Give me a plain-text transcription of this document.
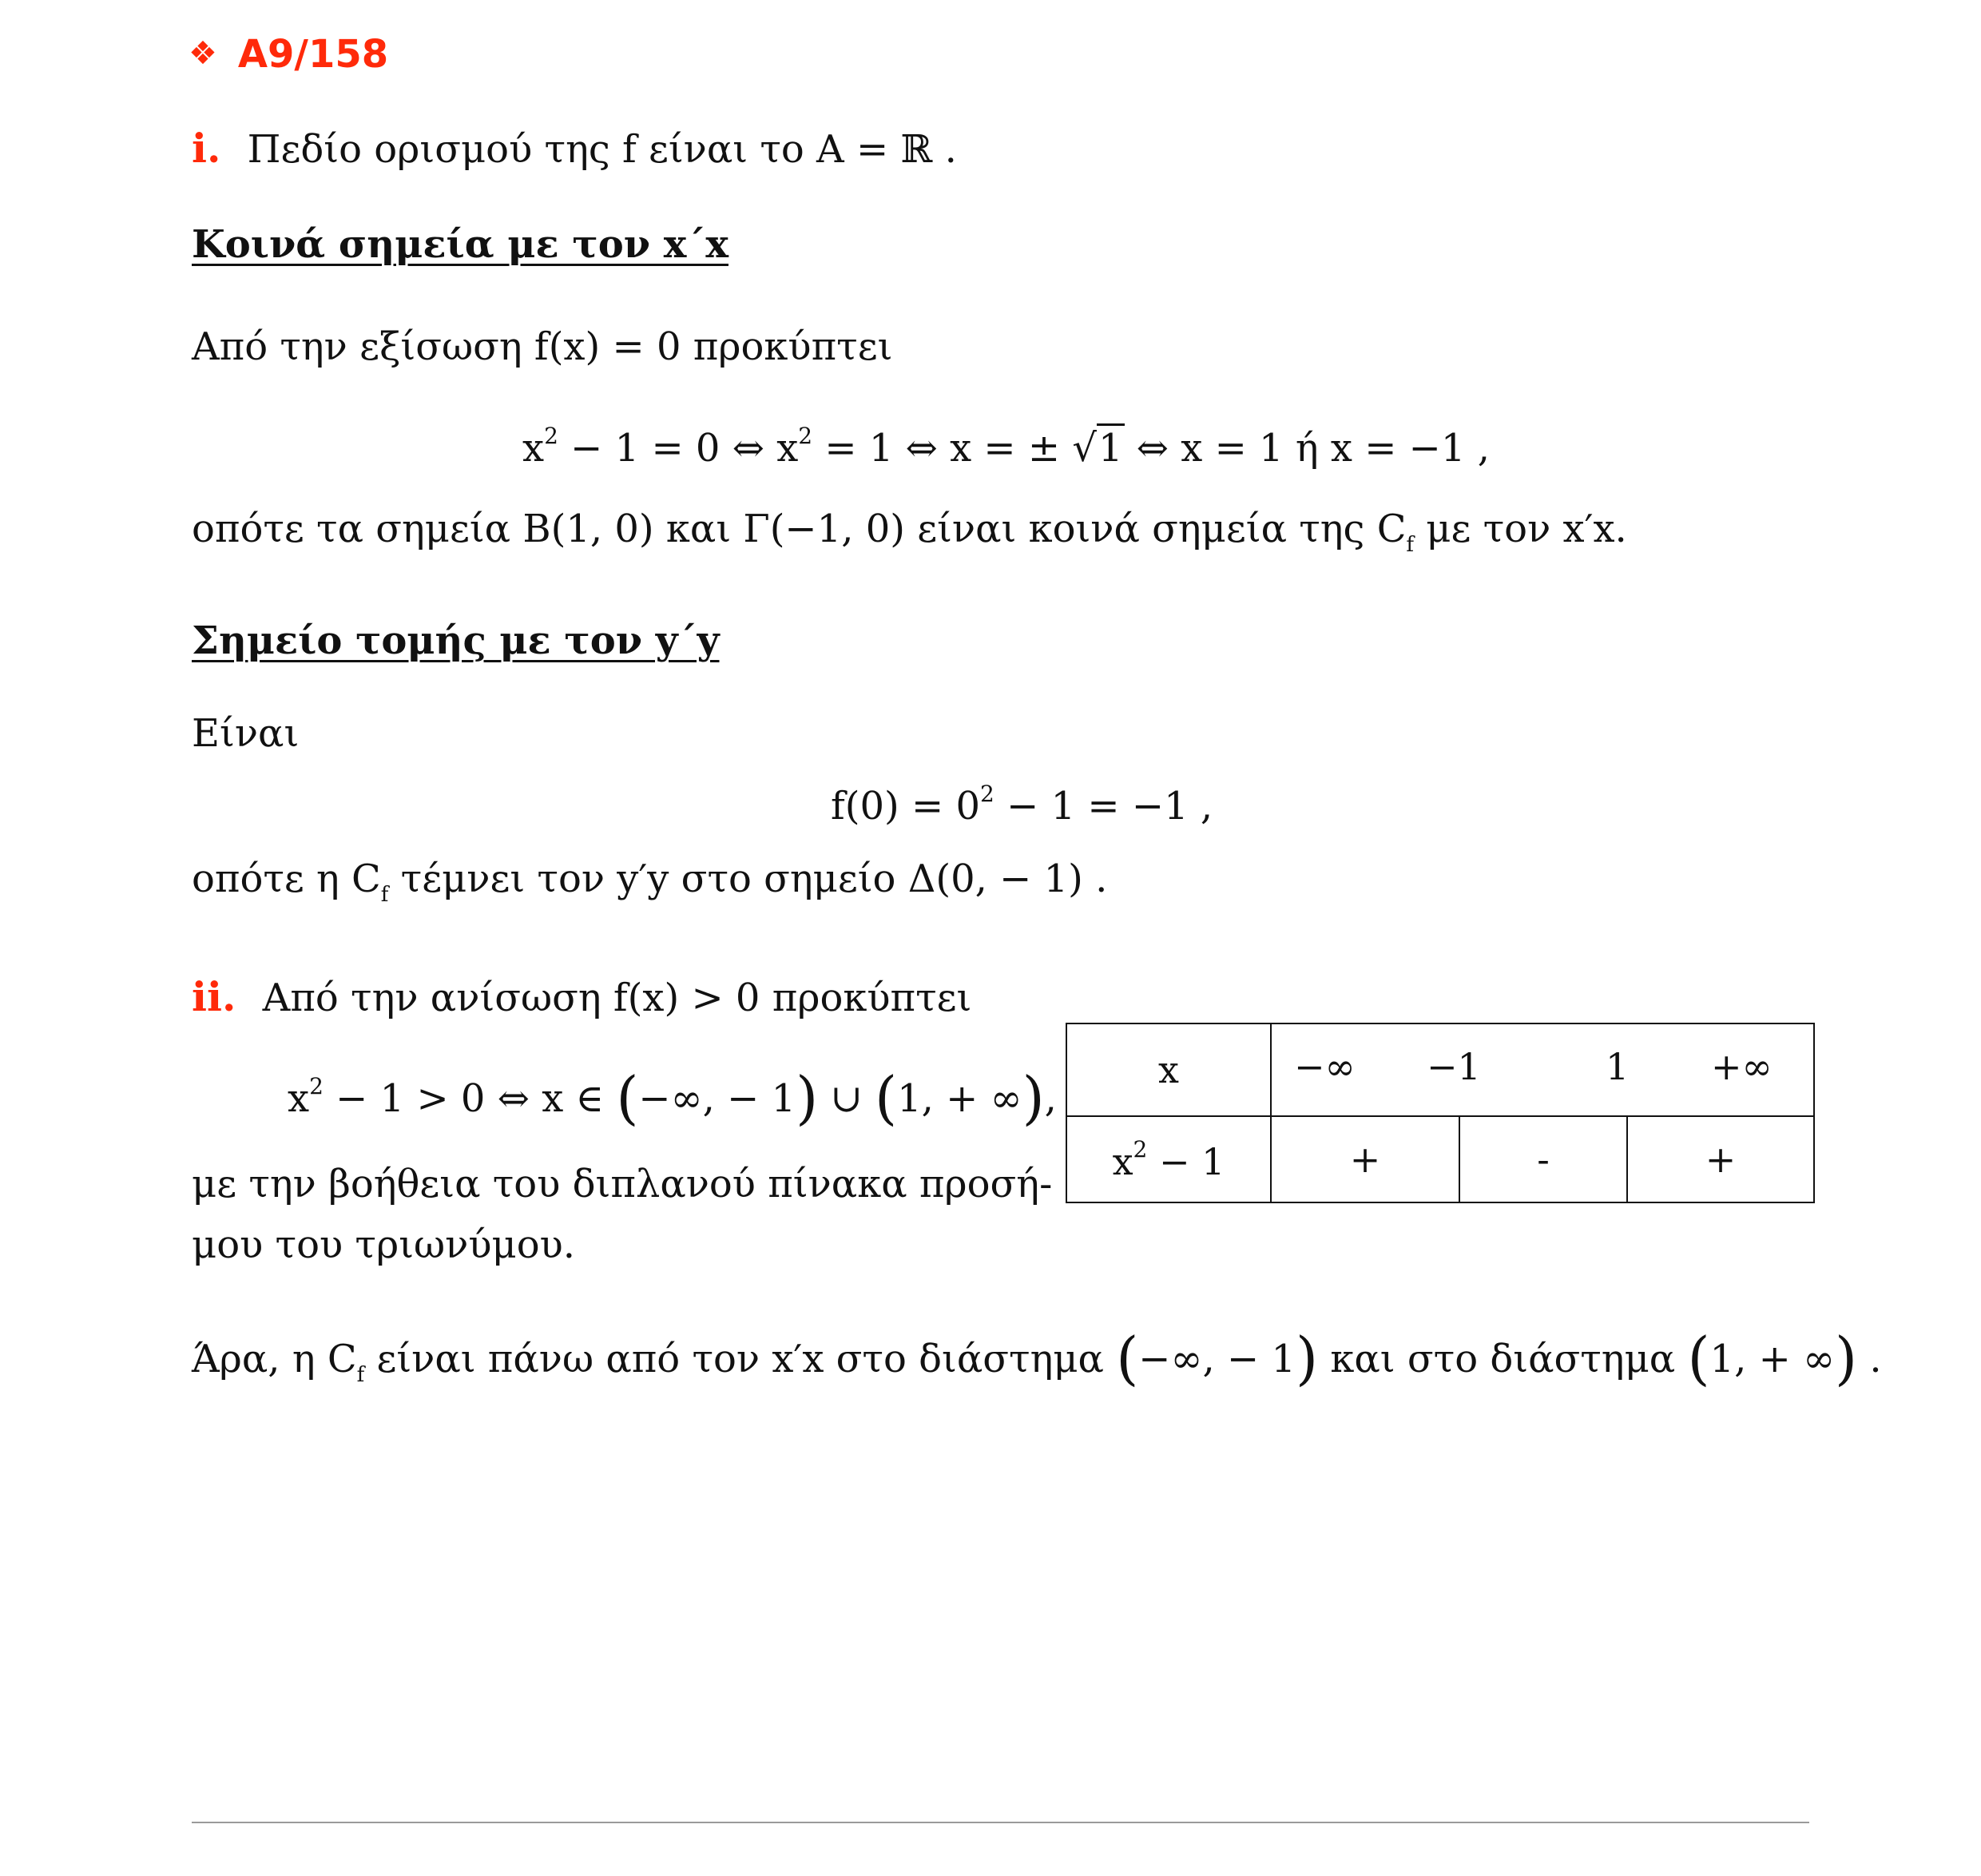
❖ Α9/158
i. Πεδίο ορισμού της f είναι το A = ℝ .
Κοινά σημεία με τον x΄x
Από την εξίσωση f(x) = 0 προκύπτει
$x^2 - 1 = 0$ ⇔ $x^2 = 1$ ⇔ x = ± √1 ⇔ x = 1 ή x = −1 ,
οπότε τα σημεία B(1, 0) και Γ(−1, 0) είναι κοινά σημεία της $C_f$ με τον x′x.
Σημείο τομής με τον y΄y
Είναι
$f(0) = 0^2 - 1 = -1$ ,
οπότε η $C_f$ τέμνει τον y′y στο σημείο Δ(0, − 1) .
ii. Από την ανίσωση f(x) > 0 προκύπτει
$x^2 - 1 > 0$ ⇔ x ∈ (−∞, − 1) ∪ (1, + ∞),
με την βοήθεια του διπλανού πίνακα προσή-
μου του τριωνύμου.
x	−∞ −1 1 +∞		

$x^2 - 1$	+	-	+
Άρα, η $C_f$ είναι πάνω από τον x′x στο διάστημα (−∞, − 1) και στο διάστημα (1, + ∞) .
